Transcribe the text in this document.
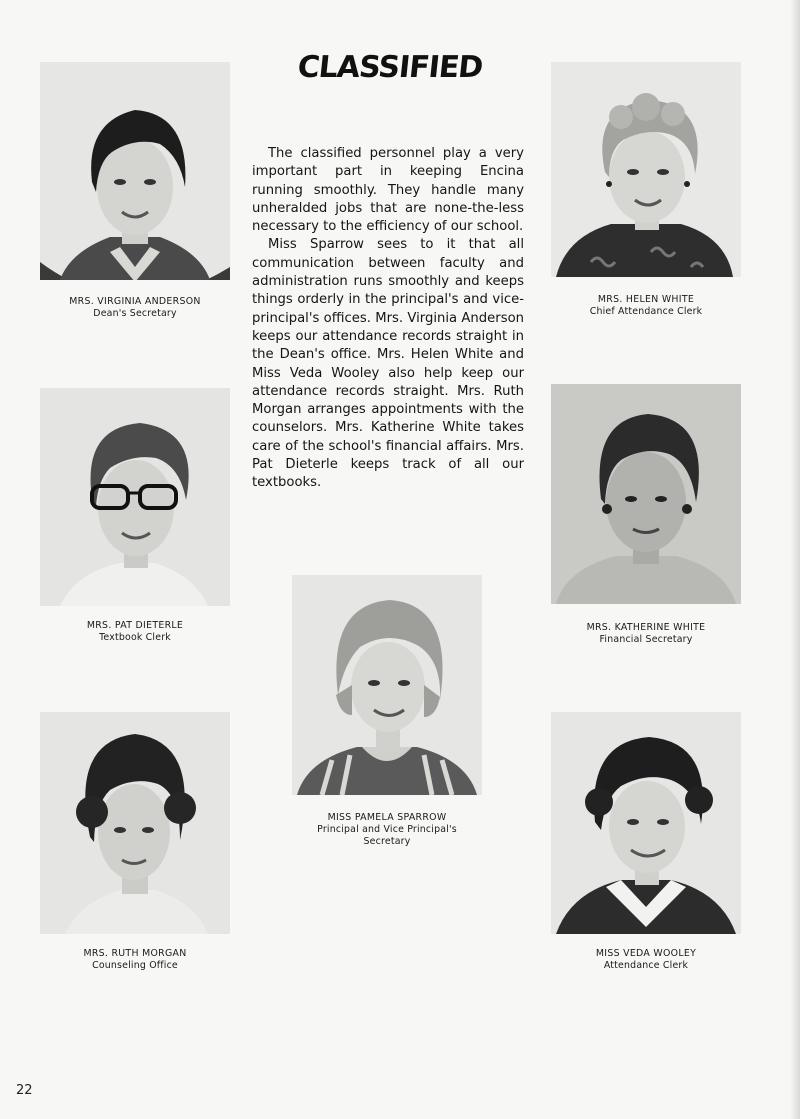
CLASSIFIED

The classified personnel play a very important part in keeping Encina running smoothly. They handle many unheralded jobs that are none-the-less necessary to the efficiency of our school.

Miss Sparrow sees to it that all communication between faculty and administration runs smoothly and keeps things orderly in the principal's and vice-principal's offices. Mrs. Virginia Anderson keeps our attendance records straight in the Dean's office. Mrs. Helen White and Miss Veda Wooley also help keep our attendance records straight. Mrs. Ruth Morgan arranges appointments with the counselors. Mrs. Katherine White takes care of the school's financial affairs. Mrs. Pat Dieterle keeps track of all our textbooks.

MRS. VIRGINIA ANDERSON
Dean's Secretary
MRS. HELEN WHITE
Chief Attendance Clerk
MRS. PAT DIETERLE
Textbook Clerk
MRS. KATHERINE WHITE
Financial Secretary
MISS PAMELA SPARROW
Principal and Vice Principal's
Secretary
MRS. RUTH MORGAN
Counseling Office
MISS VEDA WOOLEY
Attendance Clerk
22
